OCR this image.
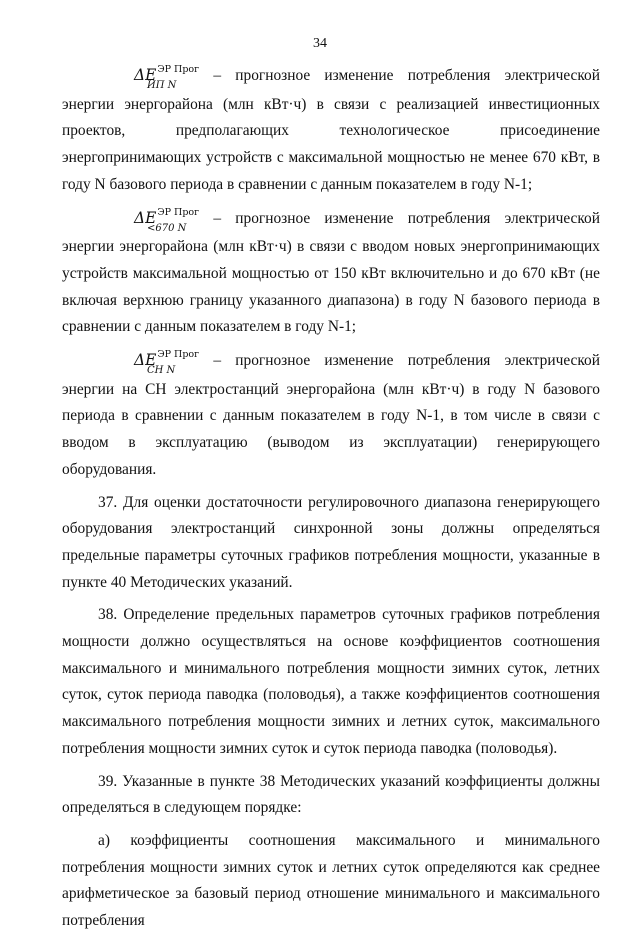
34

$\Delta E^{ЭР Прог}$
ИП N
– прогнозное изменение потребления электрической энергии энергорайона (млн кВт·ч) в связи с реализацией инвестиционных проектов, предполагающих технологическое присоединение энергопринимающих устройств с максимальной мощностью не менее 670 кВт, в году N базового периода в сравнении с данным показателем в году N-1;

$\Delta E^{ЭР Прог}$
<670 N
– прогнозное изменение потребления электрической энергии энергорайона (млн кВт·ч) в связи с вводом новых энергопринимающих устройств максимальной мощностью от 150 кВт включительно и до 670 кВт (не включая верхнюю границу указанного диапазона) в году N базового периода в сравнении с данным показателем в году N-1;

$\Delta E^{ЭР Прог}$
СН N
– прогнозное изменение потребления электрической энергии на СН электростанций энергорайона (млн кВт·ч) в году N базового периода в сравнении с данным показателем в году N-1, в том числе в связи с вводом в эксплуатацию (выводом из эксплуатации) генерирующего оборудования.

37. Для оценки достаточности регулировочного диапазона генерирующего оборудования электростанций синхронной зоны должны определяться предельные параметры суточных графиков потребления мощности, указанные в пункте 40 Методических указаний.

38. Определение предельных параметров суточных графиков потребления мощности должно осуществляться на основе коэффициентов соотношения максимального и минимального потребления мощности зимних суток, летних суток, суток периода паводка (половодья), а также коэффициентов соотношения максимального потребления мощности зимних и летних суток, максимального потребления мощности зимних суток и суток периода паводка (половодья).

39. Указанные в пункте 38 Методических указаний коэффициенты должны определяться в следующем порядке:

а) коэффициенты соотношения максимального и минимального потребления мощности зимних суток и летних суток определяются как среднее арифметическое за базовый период отношение минимального и максимального потребления
